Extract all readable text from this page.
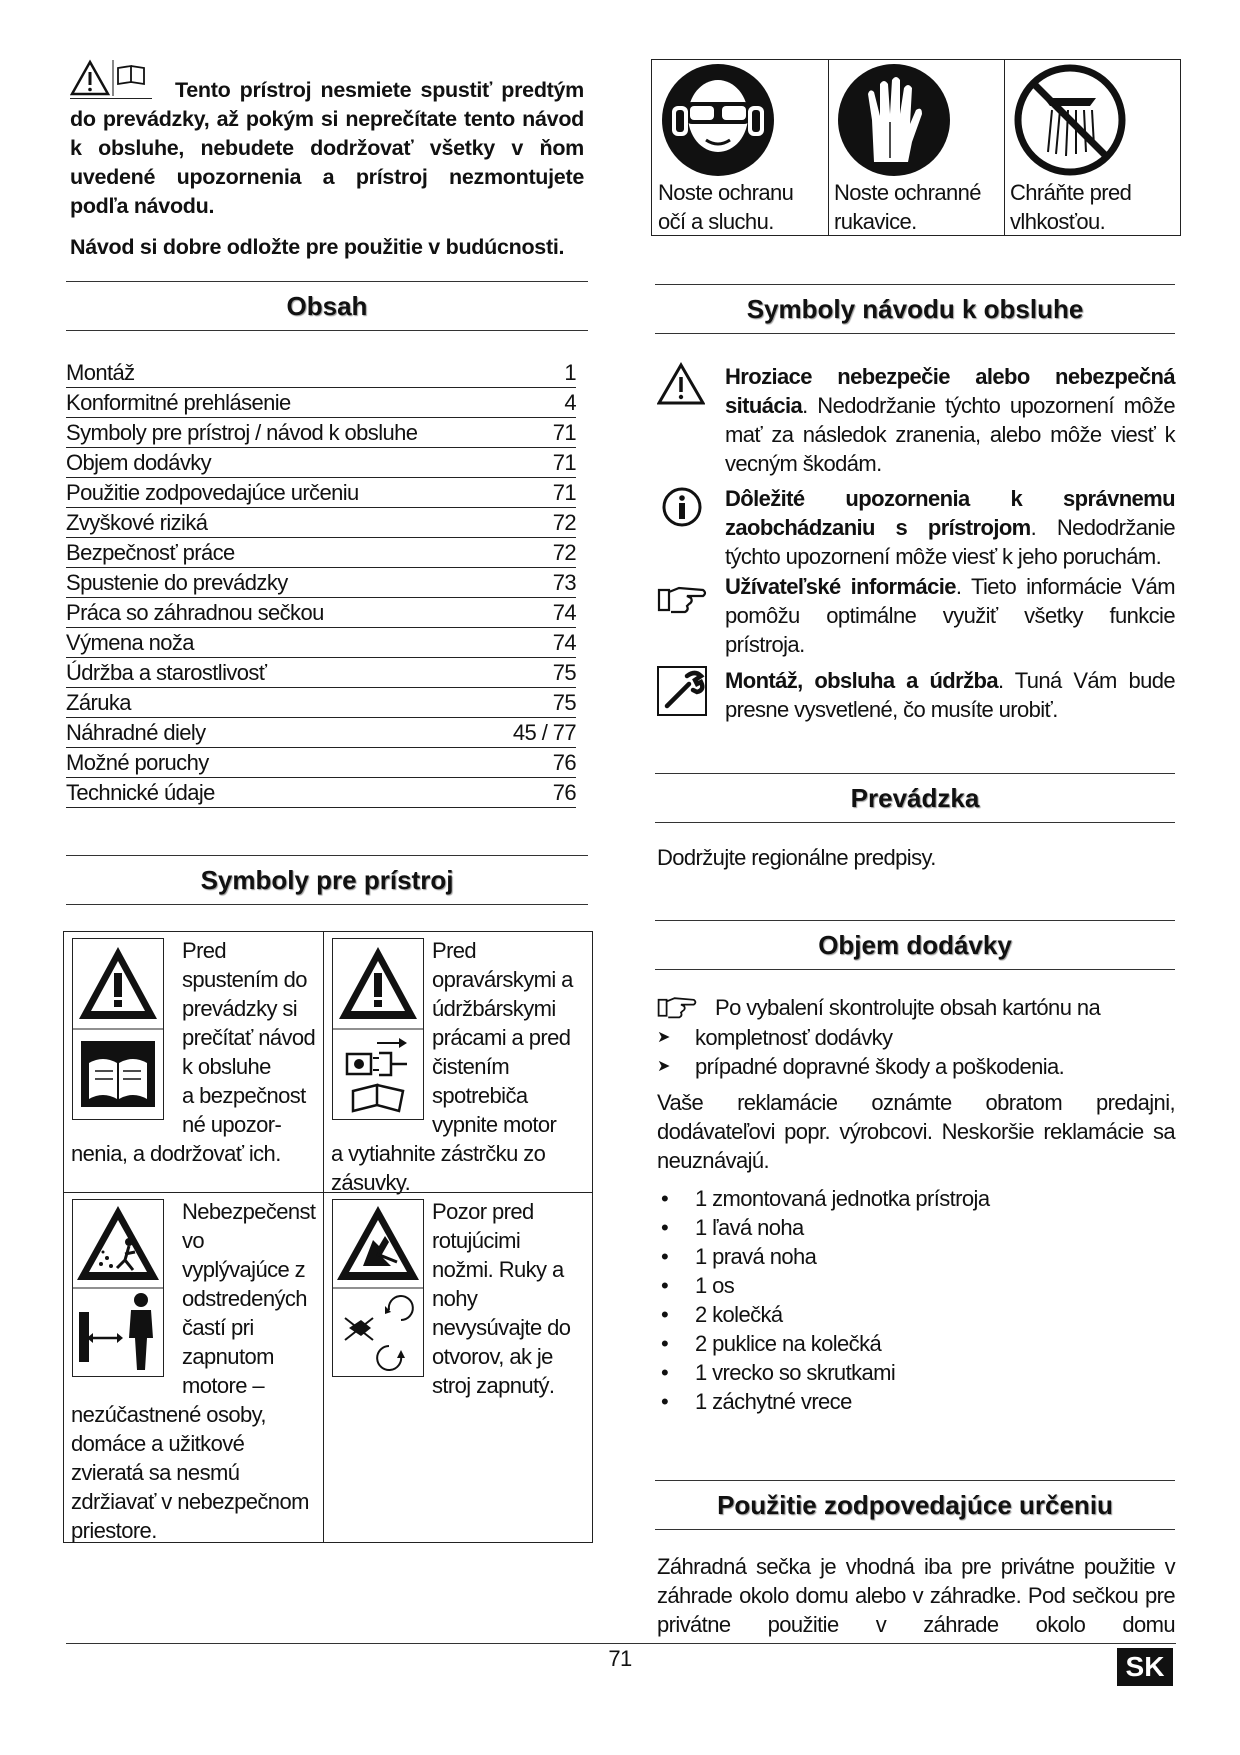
Tento prístroj nesmiete spustiť predtým do prevádzky, až pokým si neprečítate tento návod k obsluhe, nebudete dodržovať všetky v ňom uvedené upozornenia a prístroj nezmontujete podľa návodu.
Návod si dobre odložte pre použitie v budúcnosti.
Obsah
Montáž	1
Konformitné prehlásenie	4
Symboly pre prístroj / návod k obsluhe	71
Objem dodávky	71
Použitie zodpovedajúce určeniu	71
Zvyškové riziká	72
Bezpečnosť práce	72
Spustenie do prevádzky	73
Práca so záhradnou sečkou	74
Výmena noža	74
Údržba a starostlivosť	75
Záruka	75
Náhradné diely	45 / 77
Možné poruchy	76
Technické údaje	76
Symboly pre prístroj
Pred
spustením do
prevádzky si
prečítať návod
k obsluhe
a bezpečnost
né upozor-
nenia, a dodržovať ich.
Pred
opravárskymi a
údržbárskymi
prácami a pred
čistením
spotrebiča
vypnite motor
a vytiahnite zástrčku zo
zásuvky.
Nebezpečenst
vo
vyplývajúce z
odstredených
častí pri
zapnutom
motore –
nezúčastnené osoby,
domáce a užitkové
zvieratá sa nesmú
zdržiavať v nebezpečnom
priestore.
Pozor pred
rotujúcimi
nožmi. Ruky a
nohy
nevysúvajte do
otvorov, ak je
stroj zapnutý.
Noste ochranu očí a sluchu.
Noste ochranné rukavice.
Chráňte pred vlhkosťou.
Symboly návodu k obsluhe
Hroziace nebezpečie alebo nebezpečná situácia. Nedodržanie týchto upozornení môže mať za následok zranenia, alebo môže viesť k vecným škodám.
Dôležité upozornenia k správnemu zaobchádzaniu s prístrojom. Nedodržanie týchto upozornení môže viesť k jeho poruchám.
Užívateľské informácie. Tieto informácie Vám pomôžu optimálne využiť všetky funkcie prístroja.
Montáž, obsluha a údržba. Tuná Vám bude presne vysvetlené, čo musíte urobiť.
Prevádzka
Dodržujte regionálne predpisy.
Objem dodávky
Po vybalení skontrolujte obsah kartónu na
➤ kompletnosť dodávky
➤ prípadné dopravné škody a poškodenia.
Vaše reklamácie oznámte obratom predajni, dodávateľovi popr. výrobcovi. Neskoršie reklamácie sa neuznávajú.
• 1 zmontovaná jednotka prístroja
• 1 ľavá noha
• 1 pravá noha
• 1 os
• 2 kolečká
• 2 puklice na kolečká
• 1 vrecko so skrutkami
• 1 záchytné vrece
Použitie zodpovedajúce určeniu
Záhradná sečka je vhodná iba pre privátne použitie v záhrade okolo domu alebo v záhradke. Pod sečkou pre privátne použitie v záhrade okolo domu
71	SK
